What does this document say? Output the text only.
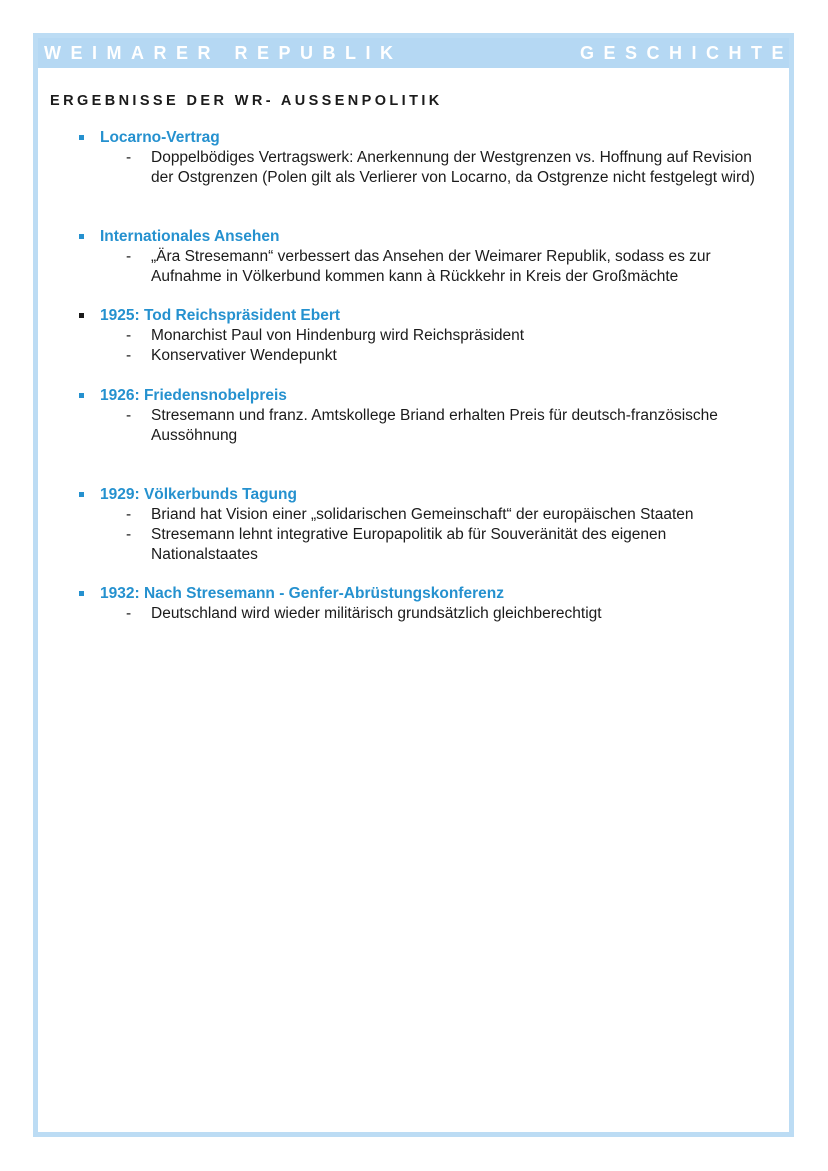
WEIMARER REPUBLIK	GESCHICHTE
ERGEBNISSE DER WR- AUSSENPOLITIK
Locarno-Vertrag
- Doppelbödiges Vertragswerk: Anerkennung der Westgrenzen vs. Hoffnung auf Revision der Ostgrenzen (Polen gilt als Verlierer von Locarno, da Ostgrenze nicht festgelegt wird)
Internationales Ansehen
- „Ära Stresemann“ verbessert das Ansehen der Weimarer Republik, sodass es zur Aufnahme in Völkerbund kommen kann à Rückkehr in Kreis der Großmächte
1925: Tod Reichspräsident Ebert
- Monarchist Paul von Hindenburg wird Reichspräsident
- Konservativer Wendepunkt
1926: Friedensnobelpreis
- Stresemann und franz. Amtskollege Briand erhalten Preis für deutsch-französische Aussöhnung
1929: Völkerbunds Tagung
- Briand hat Vision einer „solidarischen Gemeinschaft“ der europäischen Staaten
- Stresemann lehnt integrative Europapolitik ab für Souveränität des eigenen Nationalstaates
1932: Nach Stresemann - Genfer-Abrüstungskonferenz
- Deutschland wird wieder militärisch grundsätzlich gleichberechtigt
